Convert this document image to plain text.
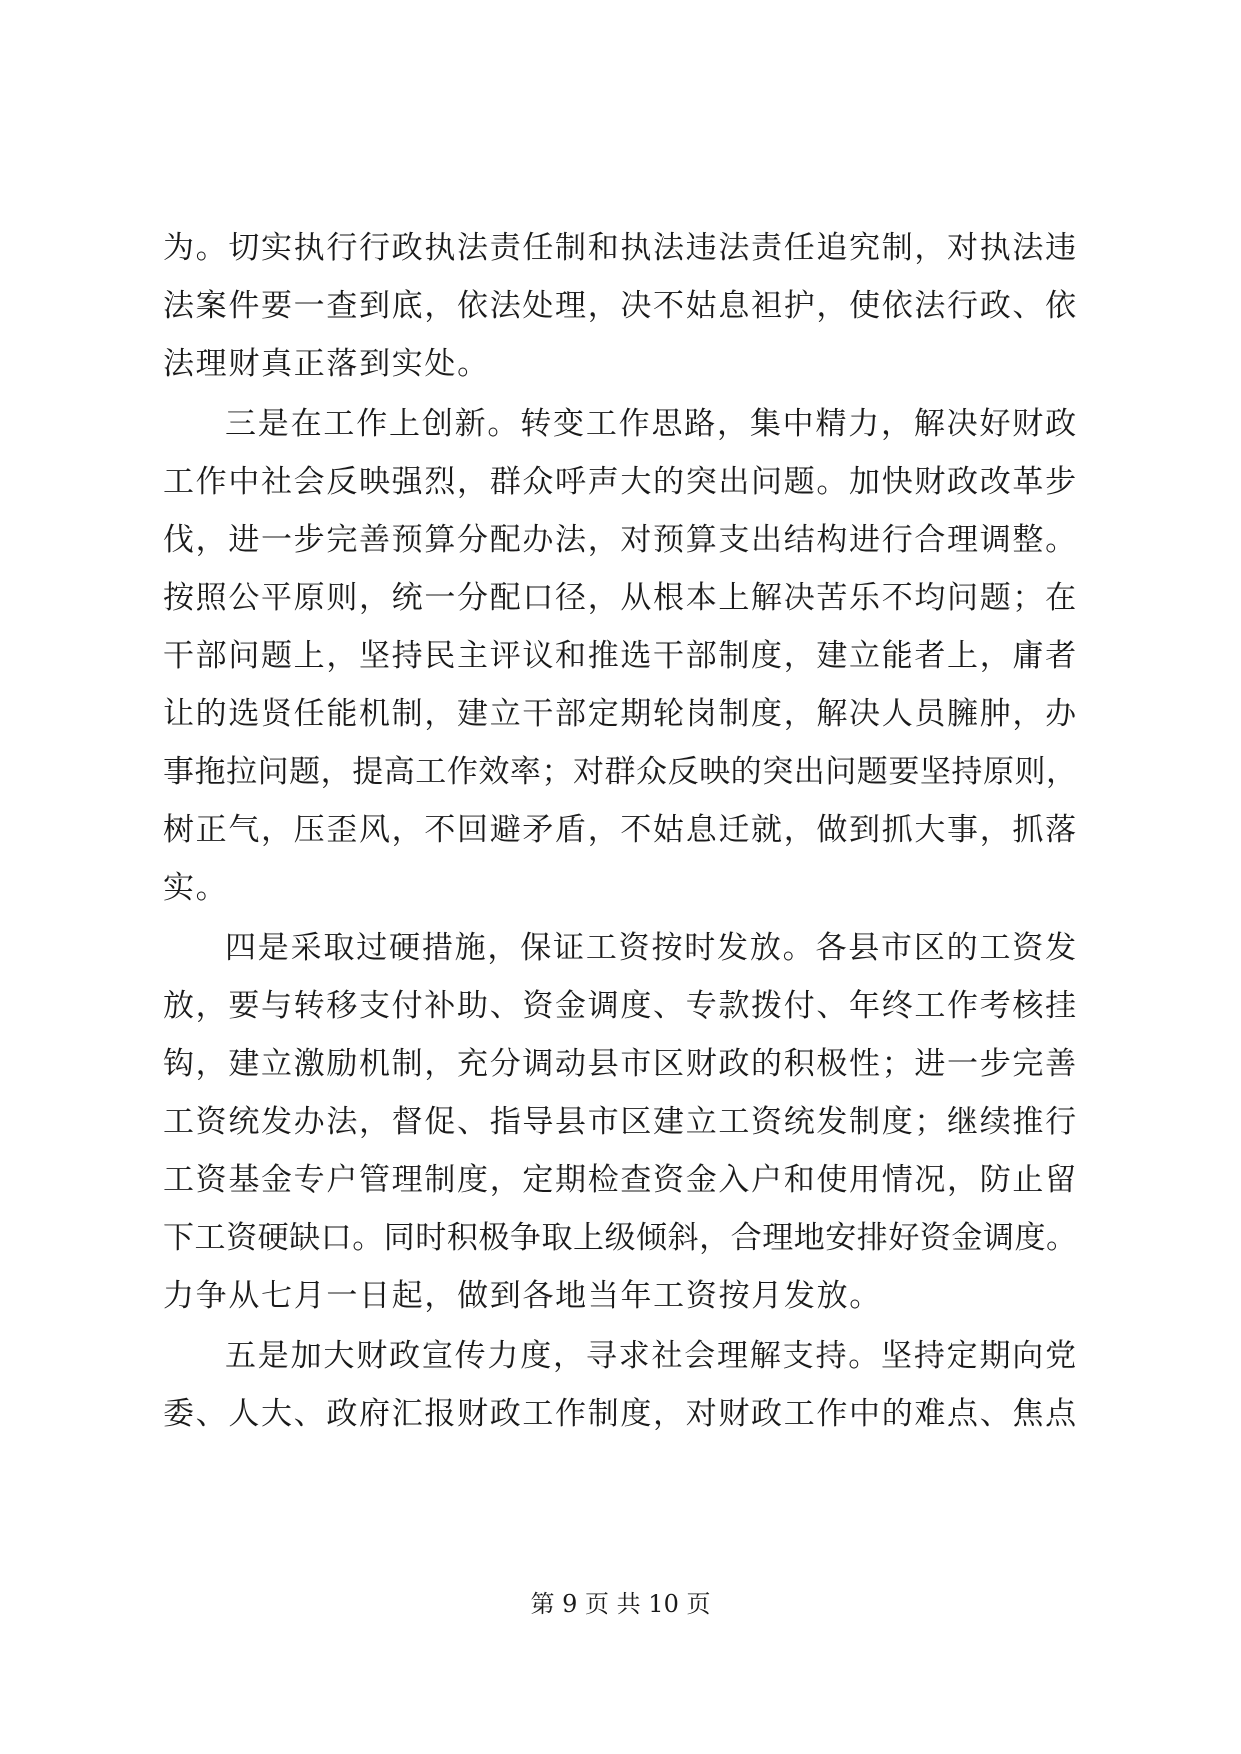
为。切实执行行政执法责任制和执法违法责任追究制，对执法违
法案件要一查到底，依法处理，决不姑息袒护，使依法行政、依
法理财真正落到实处。
三是在工作上创新。转变工作思路，集中精力，解决好财政
工作中社会反映强烈，群众呼声大的突出问题。加快财政改革步
伐，进一步完善预算分配办法，对预算支出结构进行合理调整。
按照公平原则，统一分配口径，从根本上解决苦乐不均问题；在
干部问题上，坚持民主评议和推选干部制度，建立能者上，庸者
让的选贤任能机制，建立干部定期轮岗制度，解决人员臃肿，办
事拖拉问题，提高工作效率；对群众反映的突出问题要坚持原则，
树正气，压歪风，不回避矛盾，不姑息迁就，做到抓大事，抓落
实。
四是采取过硬措施，保证工资按时发放。各县市区的工资发
放，要与转移支付补助、资金调度、专款拨付、年终工作考核挂
钩，建立激励机制，充分调动县市区财政的积极性；进一步完善
工资统发办法，督促、指导县市区建立工资统发制度；继续推行
工资基金专户管理制度，定期检查资金入户和使用情况，防止留
下工资硬缺口。同时积极争取上级倾斜，合理地安排好资金调度。
力争从七月一日起，做到各地当年工资按月发放。
五是加大财政宣传力度，寻求社会理解支持。坚持定期向党
委、人大、政府汇报财政工作制度，对财政工作中的难点、焦点
第 9 页 共 10 页
